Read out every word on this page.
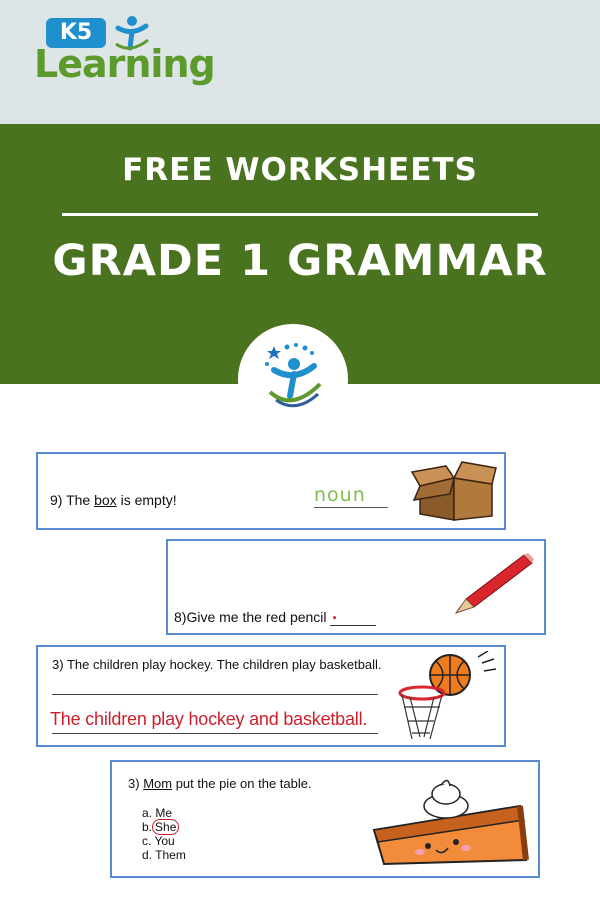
K5
Learning
FREE WORKSHEETS
GRADE 1 GRAMMAR
9) The box is empty!	noun
8)Give me the red pencil .
3) The children play hockey. The children play basketball.
The children play hockey and basketball.
3) Mom put the pie on the table.
a. Me
b. She
c. You
d. Them
